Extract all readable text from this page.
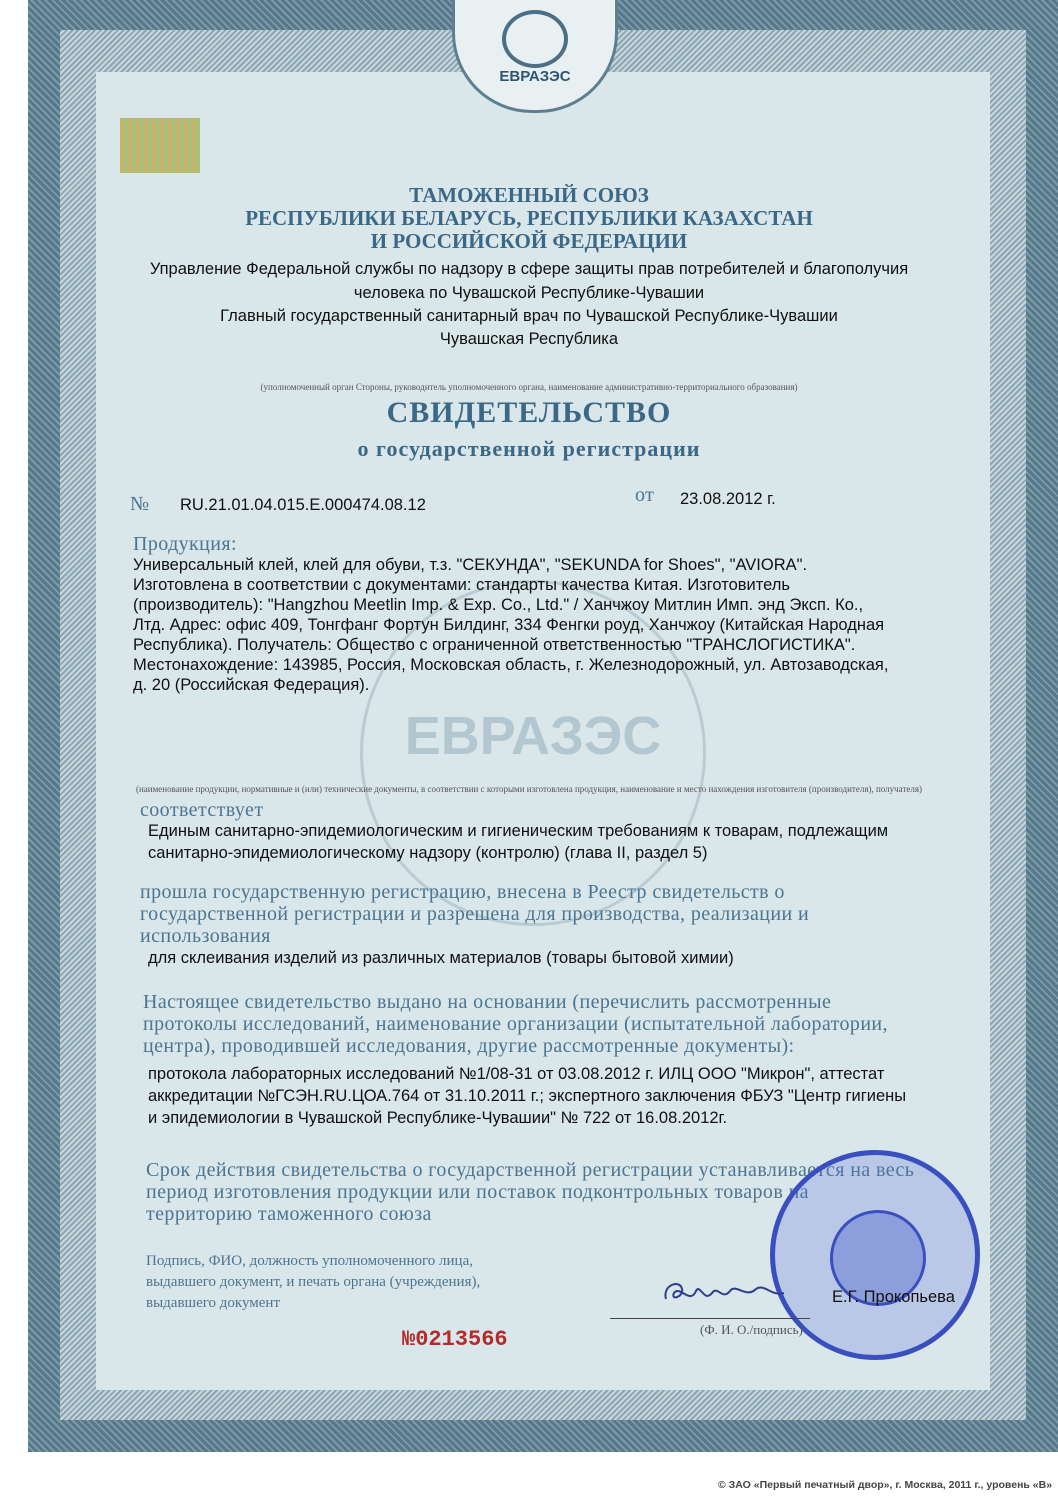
ЕВРАЗЭС
ЕВРАЗЭС
ТАМОЖЕННЫЙ СОЮЗ
РЕСПУБЛИКИ БЕЛАРУСЬ, РЕСПУБЛИКИ КАЗАХСТАН
И РОССИЙСКОЙ ФЕДЕРАЦИИ
Управление Федеральной службы по надзору в сфере защиты прав потребителей и благополучия
человека по Чувашской Республике-Чувашии
Главный государственный санитарный врач по Чувашской Республике-Чувашии
Чувашская Республика
(уполномоченный орган Стороны, руководитель уполномоченного органа, наименование административно-территориального образования)
СВИДЕТЕЛЬСТВО
о государственной регистрации
№ RU.21.01.04.015.Е.000474.08.12	от 23.08.2012 г.
Продукция:
Универсальный клей, клей для обуви, т.з. "СЕКУНДА", "SEKUNDA for Shoes", "AVIORA".
Изготовлена в соответствии с документами: стандарты качества Китая. Изготовитель
(производитель): "Hangzhou Meetlin Imp. & Exp. Co., Ltd." / Ханчжоу Митлин Имп. энд Эксп. Ко.,
Лтд. Адрес: офис 409, Тонгфанг Фортун Билдинг, 334 Фенгки роуд, Ханчжоу (Китайская Народная
Республика). Получатель: Общество с ограниченной ответственностью "ТРАНСЛОГИСТИКА".
Местонахождение: 143985, Россия, Московская область, г. Железнодорожный, ул. Автозаводская,
д. 20 (Российская Федерация).
(наименование продукции, нормативные и (или) технические документы, в соответствии с которыми изготовлена продукция, наименование и место нахождения изготовителя (производителя), получателя)
соответствует
Единым санитарно-эпидемиологическим и гигиеническим требованиям к товарам, подлежащим
санитарно-эпидемиологическому надзору (контролю) (глава II, раздел 5)
прошла государственную регистрацию, внесена в Реестр свидетельств о
государственной регистрации и разрешена для производства, реализации и
использования
для склеивания изделий из различных материалов (товары бытовой химии)
Настоящее свидетельство выдано на основании (перечислить рассмотренные
протоколы исследований, наименование организации (испытательной лаборатории,
центра), проводившей исследования, другие рассмотренные документы):
протокола лабораторных исследований №1/08-31 от 03.08.2012 г. ИЛЦ ООО "Микрон", аттестат
аккредитации №ГСЭН.RU.ЦОА.764 от 31.10.2011 г.; экспертного заключения ФБУЗ "Центр гигиены
и эпидемиологии в Чувашской Республике-Чувашии" № 722 от 16.08.2012г.
Срок действия свидетельства о государственной регистрации устанавливается на весь
период изготовления продукции или поставок подконтрольных товаров на
территорию таможенного союза
Подпись, ФИО, должность уполномоченного лица,
выдавшего документ, и печать органа (учреждения),
выдавшего документ	Е.Г. Прокопьева
(Ф. И. О./подпись)
№0213566
© ЗАО «Первый печатный двор», г. Москва, 2011 г., уровень «В»
